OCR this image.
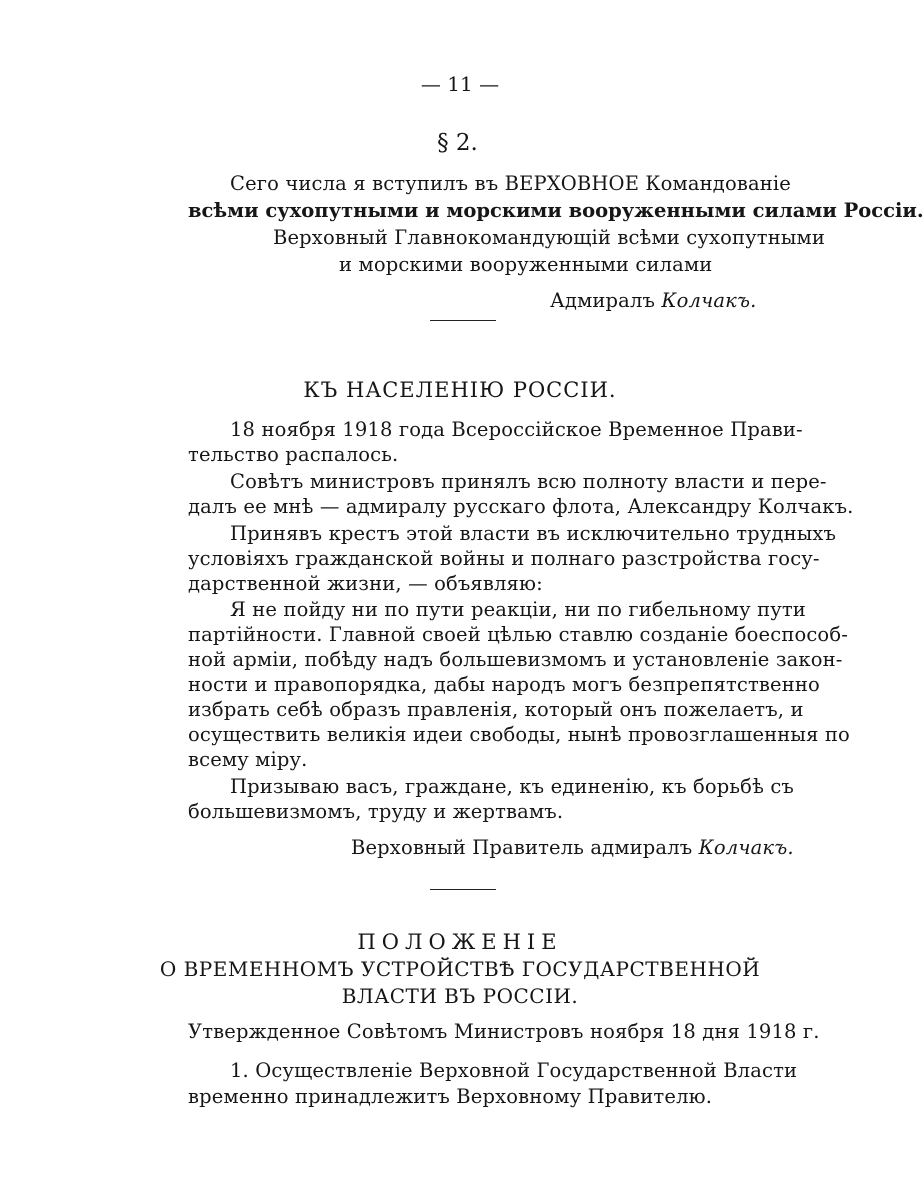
— 11 —
§ 2.
Сего числа я вступилъ въ ВЕРХОВНОЕ Командованіе
всѣми сухопутными и морскими вооруженными силами Россіи.
Верховный Главнокомандующій всѣми сухопутными
и морскими вооруженными силами
Адмиралъ Колчакъ.
КЪ НАСЕЛЕНІЮ РОССІИ.
18 ноября 1918 года Всероссійское Временное Прави-
тельство распалось.
Совѣтъ министровъ принялъ всю полноту власти и пере-
далъ ее мнѣ — адмиралу русскаго флота, Александру Колчакъ.
Принявъ крестъ этой власти въ исключительно трудныхъ
условіяхъ гражданской войны и полнаго разстройства госу-
дарственной жизни, — объявляю:
Я не пойду ни по пути реакціи, ни по гибельному пути
партійности. Главной своей цѣлью ставлю созданіе боеспособ-
ной арміи, побѣду надъ большевизмомъ и установленіе закон-
ности и правопорядка, дабы народъ могъ безпрепятственно
избрать себѣ образъ правленія, который онъ пожелаетъ, и
осуществить великія идеи свободы, нынѣ провозглашенныя по
всему міру.
Призываю васъ, граждане, къ единенію, къ борьбѣ съ
большевизмомъ, труду и жертвамъ.
Верховный Правитель адмиралъ Колчакъ.
ПОЛОЖЕНІЕ
О ВРЕМЕННОМЪ УСТРОЙСТВѢ ГОСУДАРСТВЕННОЙ
ВЛАСТИ ВЪ РОССІИ.
Утвержденное Совѣтомъ Министровъ ноября 18 дня 1918 г.
1. Осуществленіе Верховной Государственной Власти
временно принадлежитъ Верховному Правителю.
